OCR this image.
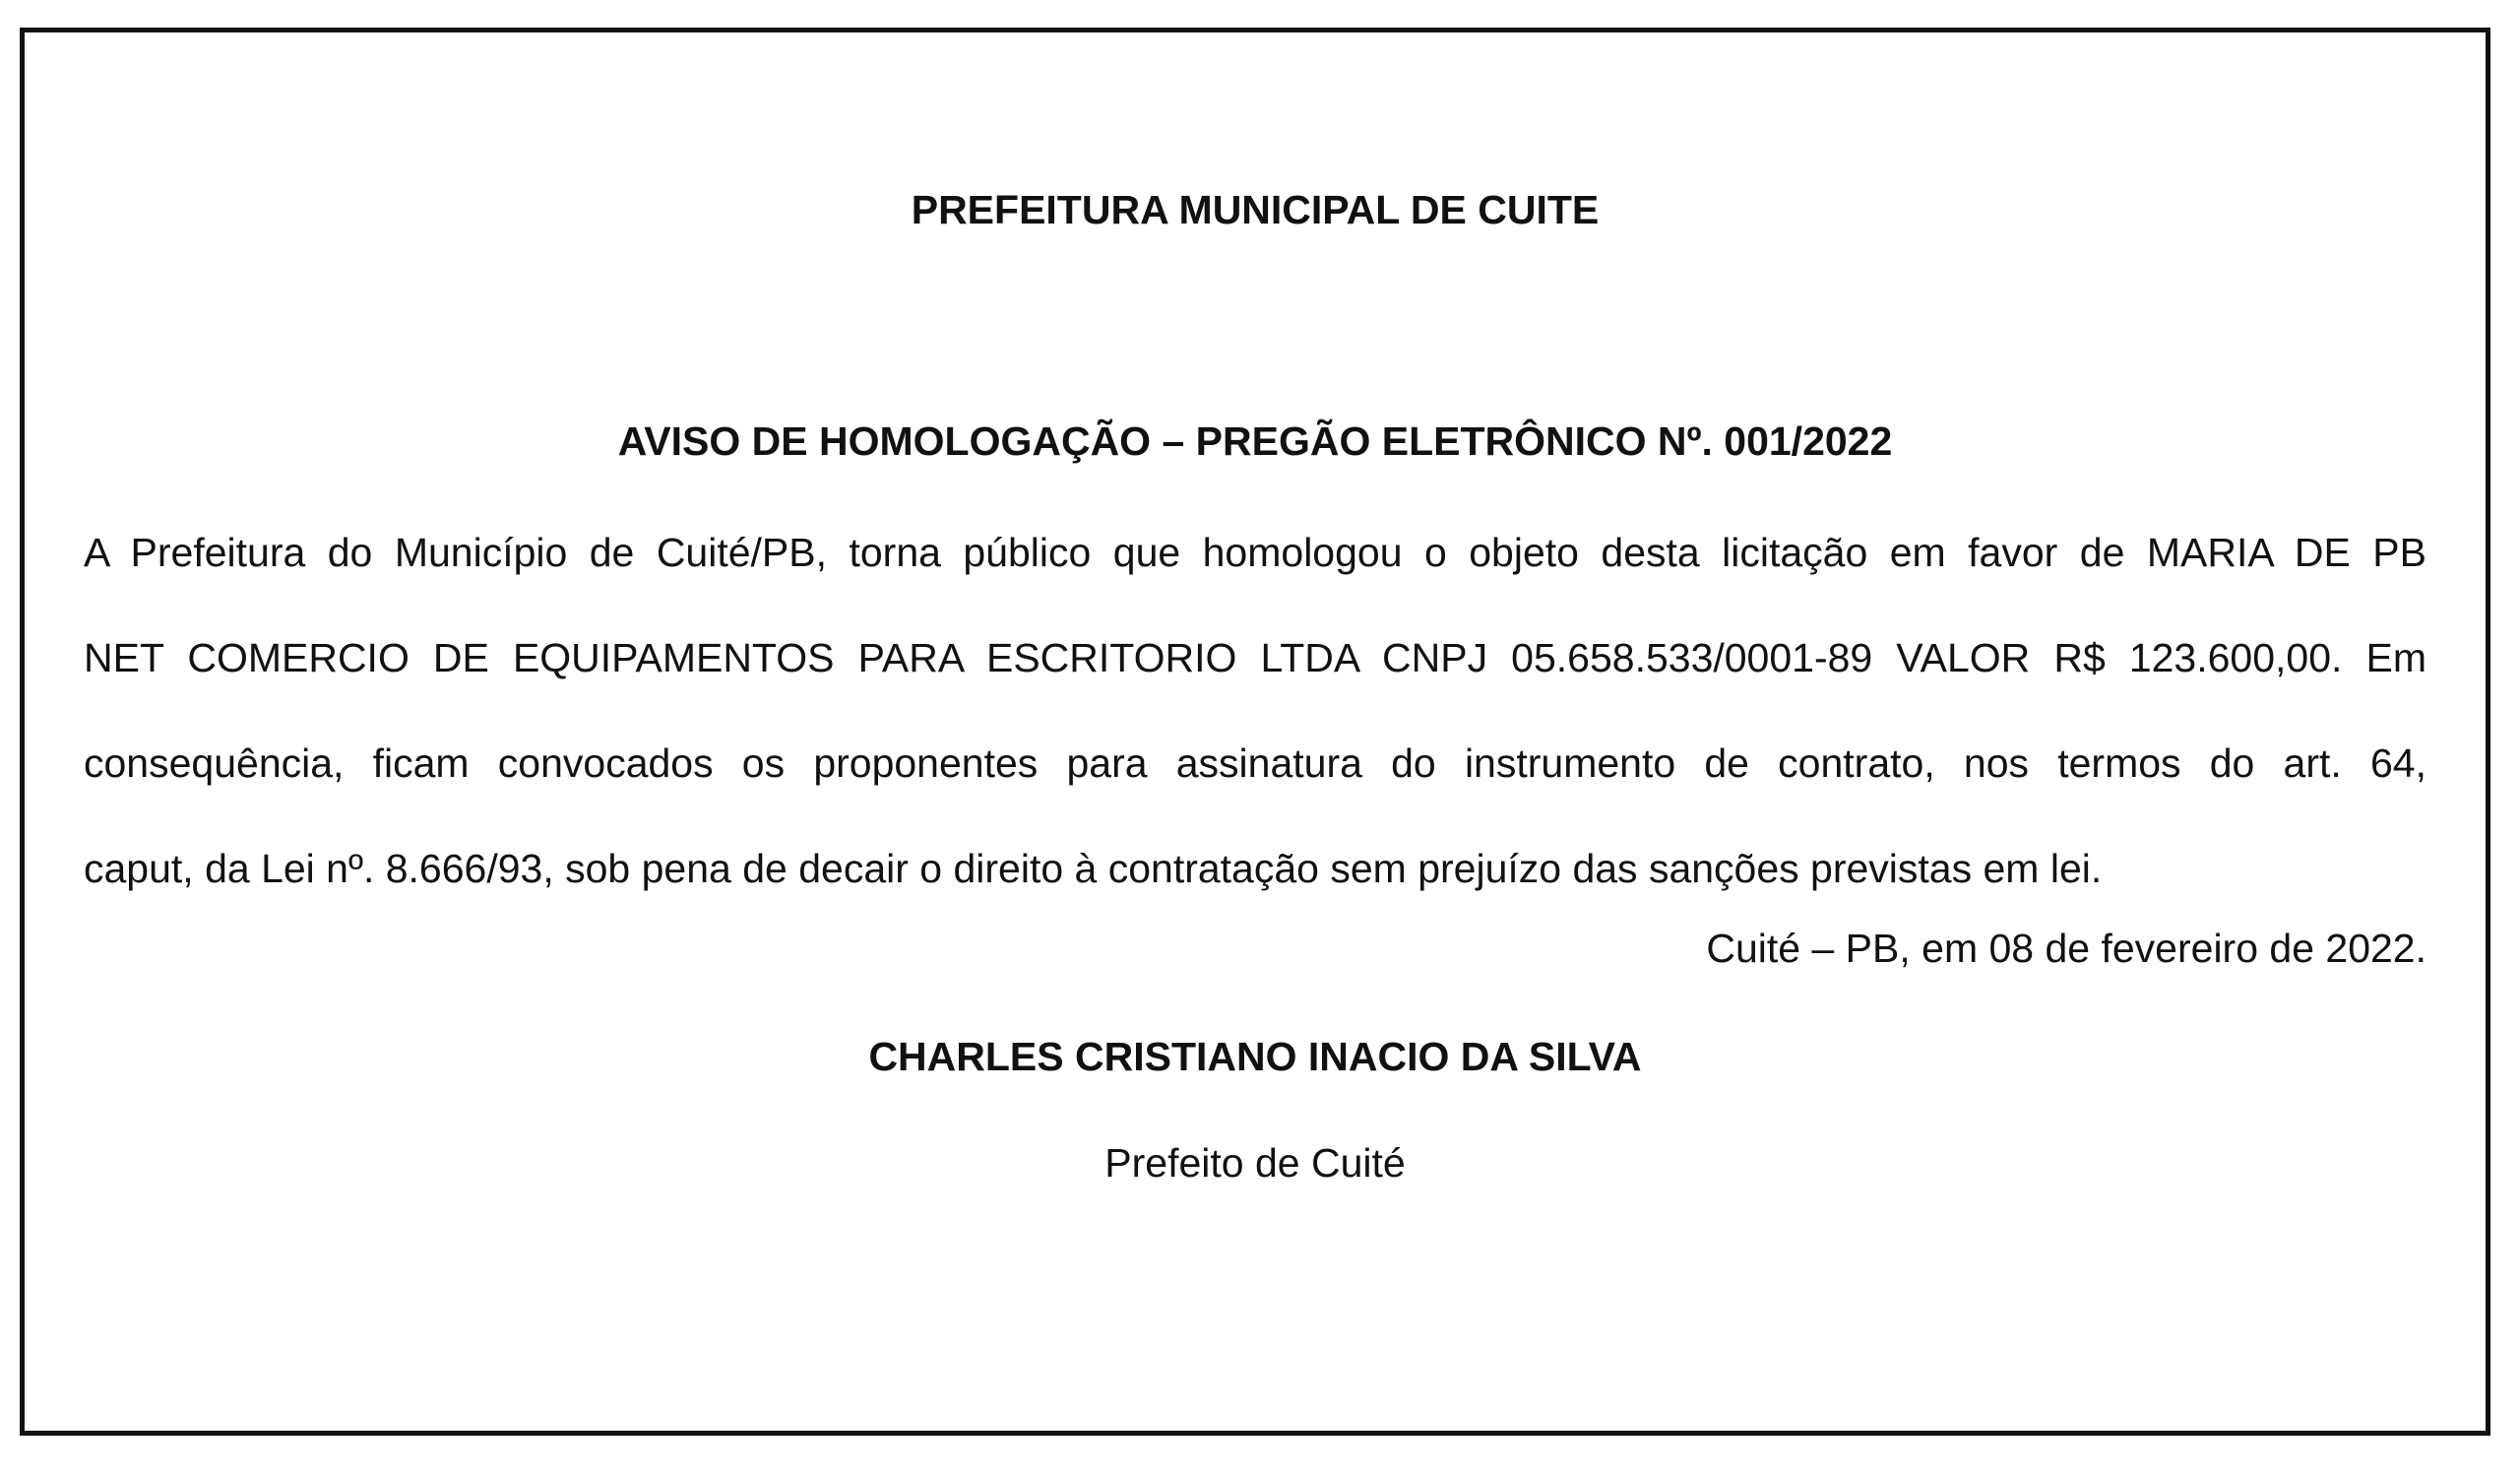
PREFEITURA MUNICIPAL DE CUITE
AVISO DE HOMOLOGAÇÃO – PREGÃO ELETRÔNICO Nº. 001/2022
A Prefeitura do Município de Cuité/PB, torna público que homologou o objeto desta licitação em favor de MARIA DE PB
NET COMERCIO DE EQUIPAMENTOS PARA ESCRITORIO LTDA CNPJ 05.658.533/0001-89 VALOR R$ 123.600,00. Em
consequência, ficam convocados os proponentes para assinatura do instrumento de contrato, nos termos do art. 64,
caput, da Lei nº. 8.666/93, sob pena de decair o direito à contratação sem prejuízo das sanções previstas em lei.
Cuité – PB, em 08 de fevereiro de 2022.
CHARLES CRISTIANO INACIO DA SILVA
Prefeito de Cuité
